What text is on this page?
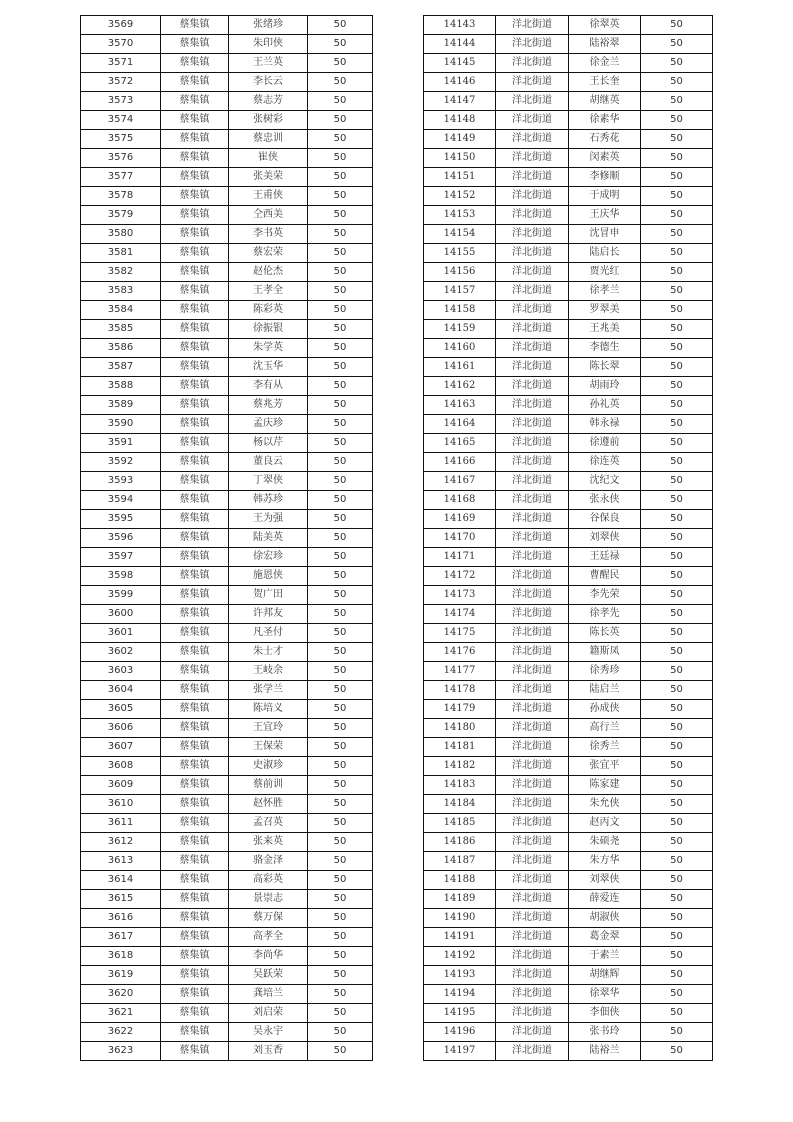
3569	蔡集镇	张绪珍	50
3570	蔡集镇	朱印侠	50
3571	蔡集镇	王兰英	50
3572	蔡集镇	李长云	50
3573	蔡集镇	蔡志芳	50
3574	蔡集镇	张树彩	50
3575	蔡集镇	蔡忠训	50
3576	蔡集镇	崔侠	50
3577	蔡集镇	张美荣	50
3578	蔡集镇	王甫侠	50
3579	蔡集镇	仝西美	50
3580	蔡集镇	李书英	50
3581	蔡集镇	蔡宏荣	50
3582	蔡集镇	赵伦杰	50
3583	蔡集镇	王孝全	50
3584	蔡集镇	陈彩英	50
3585	蔡集镇	徐振银	50
3586	蔡集镇	朱学英	50
3587	蔡集镇	沈玉华	50
3588	蔡集镇	李有从	50
3589	蔡集镇	蔡兆芳	50
3590	蔡集镇	孟庆珍	50
3591	蔡集镇	杨以芹	50
3592	蔡集镇	董良云	50
3593	蔡集镇	丁翠侠	50
3594	蔡集镇	韩苏珍	50
3595	蔡集镇	王为强	50
3596	蔡集镇	陆美英	50
3597	蔡集镇	徐宏珍	50
3598	蔡集镇	施恩侠	50
3599	蔡集镇	贺广田	50
3600	蔡集镇	许邦友	50
3601	蔡集镇	凡圣付	50
3602	蔡集镇	朱士才	50
3603	蔡集镇	王岐余	50
3604	蔡集镇	张学兰	50
3605	蔡集镇	陈培义	50
3606	蔡集镇	王宜玲	50
3607	蔡集镇	王保荣	50
3608	蔡集镇	史淑珍	50
3609	蔡集镇	蔡前训	50
3610	蔡集镇	赵怀胜	50
3611	蔡集镇	孟召英	50
3612	蔡集镇	张来英	50
3613	蔡集镇	骆金泽	50
3614	蔡集镇	高彩英	50
3615	蔡集镇	景崇志	50
3616	蔡集镇	蔡万保	50
3617	蔡集镇	高孝全	50
3618	蔡集镇	李尚华	50
3619	蔡集镇	吴跃荣	50
3620	蔡集镇	龚培兰	50
3621	蔡集镇	刘启荣	50
3622	蔡集镇	吴永宇	50
3623	蔡集镇	刘玉香	50
14143	洋北街道	徐翠英	50
14144	洋北街道	陆裕翠	50
14145	洋北街道	徐金兰	50
14146	洋北街道	王长奎	50
14147	洋北街道	胡继英	50
14148	洋北街道	徐素华	50
14149	洋北街道	石秀花	50
14150	洋北街道	闵素英	50
14151	洋北街道	李修顺	50
14152	洋北街道	于成明	50
14153	洋北街道	王庆华	50
14154	洋北街道	沈冒申	50
14155	洋北街道	陆启长	50
14156	洋北街道	贾光红	50
14157	洋北街道	徐孝兰	50
14158	洋北街道	罗翠美	50
14159	洋北街道	王兆美	50
14160	洋北街道	李德生	50
14161	洋北街道	陈长翠	50
14162	洋北街道	胡雨玲	50
14163	洋北街道	孙礼英	50
14164	洋北街道	韩永禄	50
14165	洋北街道	徐遵前	50
14166	洋北街道	徐连英	50
14167	洋北街道	沈纪文	50
14168	洋北街道	张永侠	50
14169	洋北街道	谷保良	50
14170	洋北街道	刘翠侠	50
14171	洋北街道	王廷禄	50
14172	洋北街道	曹醒民	50
14173	洋北街道	李先荣	50
14174	洋北街道	徐孝先	50
14175	洋北街道	陈长英	50
14176	洋北街道	籍斯凤	50
14177	洋北街道	徐秀珍	50
14178	洋北街道	陆启兰	50
14179	洋北街道	孙成侠	50
14180	洋北街道	高行兰	50
14181	洋北街道	徐秀兰	50
14182	洋北街道	张宜平	50
14183	洋北街道	陈家建	50
14184	洋北街道	朱允侠	50
14185	洋北街道	赵丙文	50
14186	洋北街道	朱硕尧	50
14187	洋北街道	朱方华	50
14188	洋北街道	刘翠侠	50
14189	洋北街道	薛爱连	50
14190	洋北街道	胡淑侠	50
14191	洋北街道	葛金翠	50
14192	洋北街道	于素兰	50
14193	洋北街道	胡继辉	50
14194	洋北街道	徐翠华	50
14195	洋北街道	李佃侠	50
14196	洋北街道	张书玲	50
14197	洋北街道	陆裕兰	50
